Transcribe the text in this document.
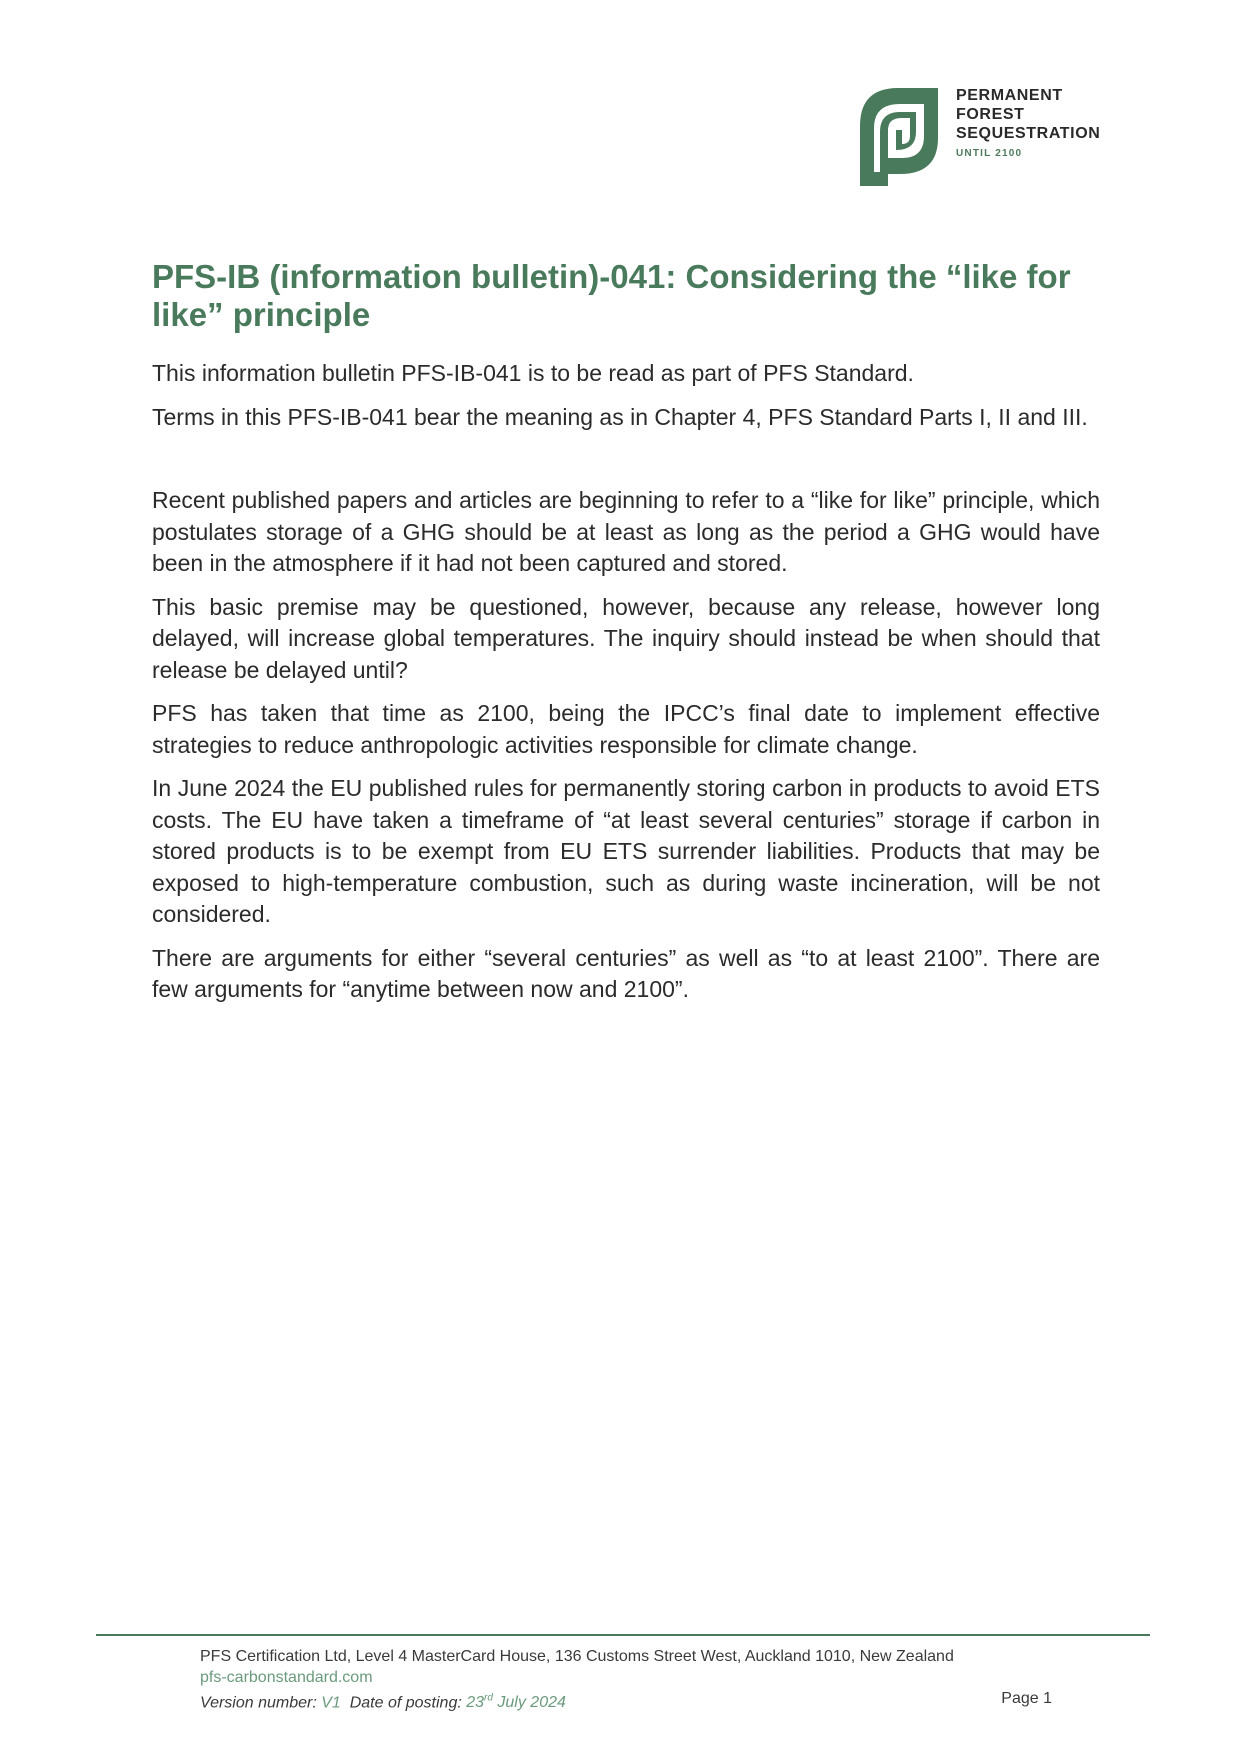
PERMANENT
FOREST
SEQUESTRATION
UNTIL 2100
PFS-IB (information bulletin)-041: Considering the “like for like” principle

This information bulletin PFS-IB-041 is to be read as part of PFS Standard.

Terms in this PFS-IB-041 bear the meaning as in Chapter 4, PFS Standard Parts I, II and III.

Recent published papers and articles are beginning to refer to a “like for like” principle, which postulates storage of a GHG should be at least as long as the period a GHG would have been in the atmosphere if it had not been captured and stored.

This basic premise may be questioned, however, because any release, however long delayed, will increase global temperatures. The inquiry should instead be when should that release be delayed until?

PFS has taken that time as 2100, being the IPCC’s final date to implement effective strategies to reduce anthropologic activities responsible for climate change.

In June 2024 the EU published rules for permanently storing carbon in products to avoid ETS costs. The EU have taken a timeframe of “at least several centuries” storage if carbon in stored products is to be exempt from EU ETS surrender liabilities. Products that may be exposed to high-temperature combustion, such as during waste incineration, will be not considered.

There are arguments for either “several centuries” as well as “to at least 2100”. There are few arguments for “anytime between now and 2100”.

PFS Certification Ltd, Level 4 MasterCard House, 136 Customs Street West, Auckland 1010, New Zealand
pfs-carbonstandard.com
Version number: V1 Date of posting: 23rd July 2024	Page 1
